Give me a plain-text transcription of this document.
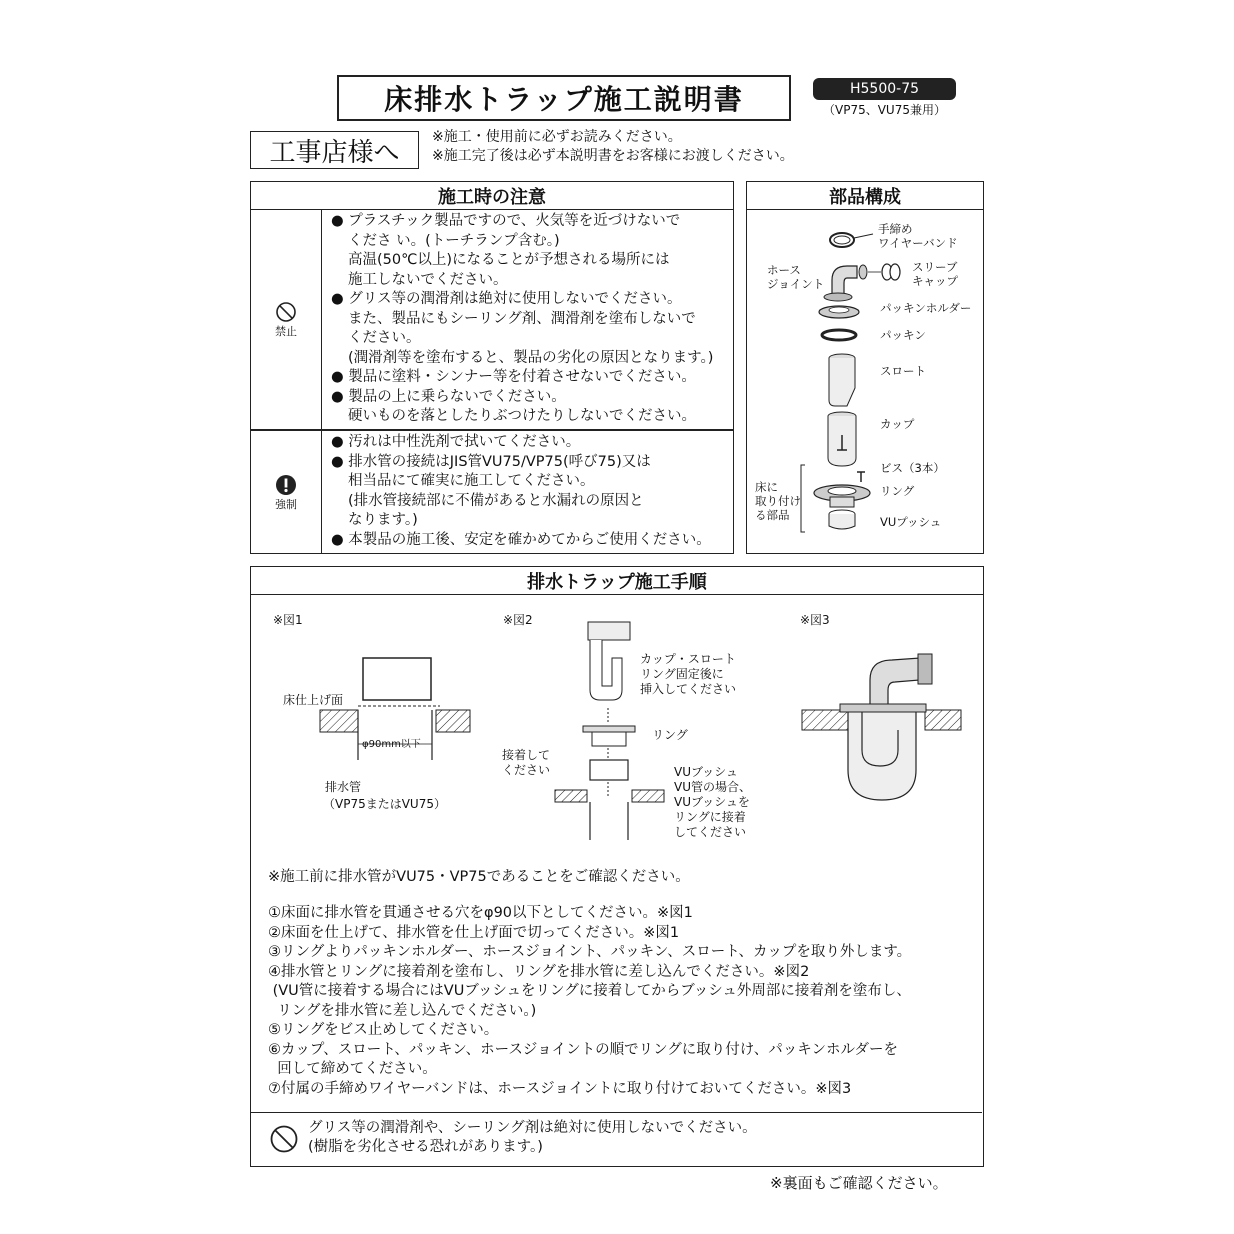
床排水トラップ施工説明書	H5500-75
（VP75、VU75兼用）
工事店様へ
※施工・使用前に必ずお読みください。
※施工完了後は必ず本説明書をお客様にお渡しください。
施工時の注意
禁止

● プラスチック製品ですので、火気等を近づけないで

くださ い。(トーチランプ含む。)

高温(50℃以上)になることが予想される場所には

施工しないでください。

● グリス等の潤滑剤は絶対に使用しないでください。

また、製品にもシーリング剤、潤滑剤を塗布しないで

ください。

(潤滑剤等を塗布すると、製品の劣化の原因となります。)

● 製品に塗料・シンナー等を付着させないでください。

● 製品の上に乗らないでください。

硬いものを落としたりぶつけたりしないでください。

強制

● 汚れは中性洗剤で拭いてください。

● 排水管の接続はJIS管VU75/VP75(呼び75)又は

相当品にて確実に施工してください。

(排水管接続部に不備があると水漏れの原因と

なります。)

● 本製品の施工後、安定を確かめてからご使用ください。

部品構成
手締め
ワイヤーバンド
ホース
ジョイント
スリーブ
キャップ
パッキンホルダー
パッキン
スロート
カップ
ビス（3本）
リング
VUプッシュ
床に
取り付け
る部品
排水トラップ施工手順
※図1
床仕上げ面
φ90mm以下
排水管
（VP75またはVU75）
※図2
カップ・スロート
リング固定後に
挿入してください
リング
接着して
ください	VUブッシュ
VU管の場合、
VUブッシュを
リングに接着
してください
※図3
※施工前に排水管がVU75・VP75であることをご確認ください。

①床面に排水管を貫通させる穴をφ90以下としてください。※図1

②床面を仕上げて、排水管を仕上げ面で切ってください。※図1

③リングよりパッキンホルダー、ホースジョイント、パッキン、スロート、カップを取り外します。

④排水管とリングに接着剤を塗布し、リングを排水管に差し込んでください。※図2

(VU管に接着する場合にはVUブッシュをリングに接着してからブッシュ外周部に接着剤を塗布し、

リングを排水管に差し込んでください。)

⑤リングをビス止めしてください。

⑥カップ、スロート、パッキン、ホースジョイントの順でリングに取り付け、パッキンホルダーを

回して締めてください。

⑦付属の手締めワイヤーバンドは、ホースジョイントに取り付けておいてください。※図3

グリス等の潤滑剤や、シーリング剤は絶対に使用しないでください。
(樹脂を劣化させる恐れがあります。)
※裏面もご確認ください。
